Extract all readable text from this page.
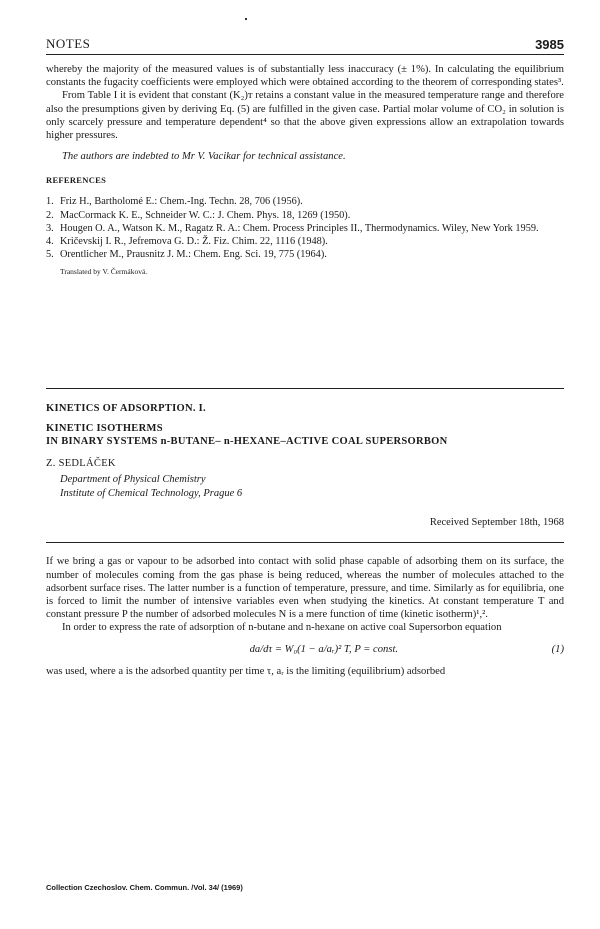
NOTES	3985

whereby the majority of the measured values is of substantially less inaccuracy (± 1%). In calculating the equilibrium constants the fugacity coefficients were employed which were obtained according to the theorem of corresponding states³.

From Table I it is evident that constant (K₂)ᴛ retains a constant value in the measured temperature range and therefore also the presumptions given by deriving Eq. (5) are fulfilled in the given case. Partial molar volume of CO₂ in solution is only scarcely pressure and temperature dependent⁴ so that the above given expressions allow an extrapolation towards higher pressures.

The authors are indebted to Mr V. Vacikar for technical assistance.

REFERENCES
1. Friz H., Bartholomé E.: Chem.-Ing. Techn. 28, 706 (1956).
2. MacCormack K. E., Schneider W. C.: J. Chem. Phys. 18, 1269 (1950).
3. Hougen O. A., Watson K. M., Ragatz R. A.: Chem. Process Principles II., Thermodynamics. Wiley, New York 1959.
4. Kričevskij I. R., Jefremova G. D.: Ž. Fiz. Chim. 22, 1116 (1948).
5. Orentlicher M., Prausnitz J. M.: Chem. Eng. Sci. 19, 775 (1964).
Translated by V. Čermáková.
KINETICS OF ADSORPTION. I.
KINETIC ISOTHERMS
IN BINARY SYSTEMS n-BUTANE– n-HEXANE–ACTIVE COAL SUPERSORBON
Z. SEDLÁČEK
Department of Physical Chemistry
Institute of Chemical Technology, Prague 6
Received September 18th, 1968

If we bring a gas or vapour to be adsorbed into contact with solid phase capable of adsorbing them on its surface, the number of molecules coming from the gas phase is being reduced, whereas the number of molecules attached to the adsorbent surface rises. The latter number is a function of temperature, pressure, and time. Similarly as for equilibria, one is forced to limit the number of intensive variables even when studying the kinetics. At constant temperature T and constant pressure P the number of adsorbed molecules N is a mere function of time (kinetic isotherm)¹,².

In order to express the rate of adsorption of n-butane and n-hexane on active coal Supersorbon equation

da/dτ = W₀(1 − a/aᵣ)² T, P = const.	(1)

was used, where a is the adsorbed quantity per time τ, aᵣ is the limiting (equilibrium) adsorbed

Collection Czechoslov. Chem. Commun. /Vol. 34/ (1969)
